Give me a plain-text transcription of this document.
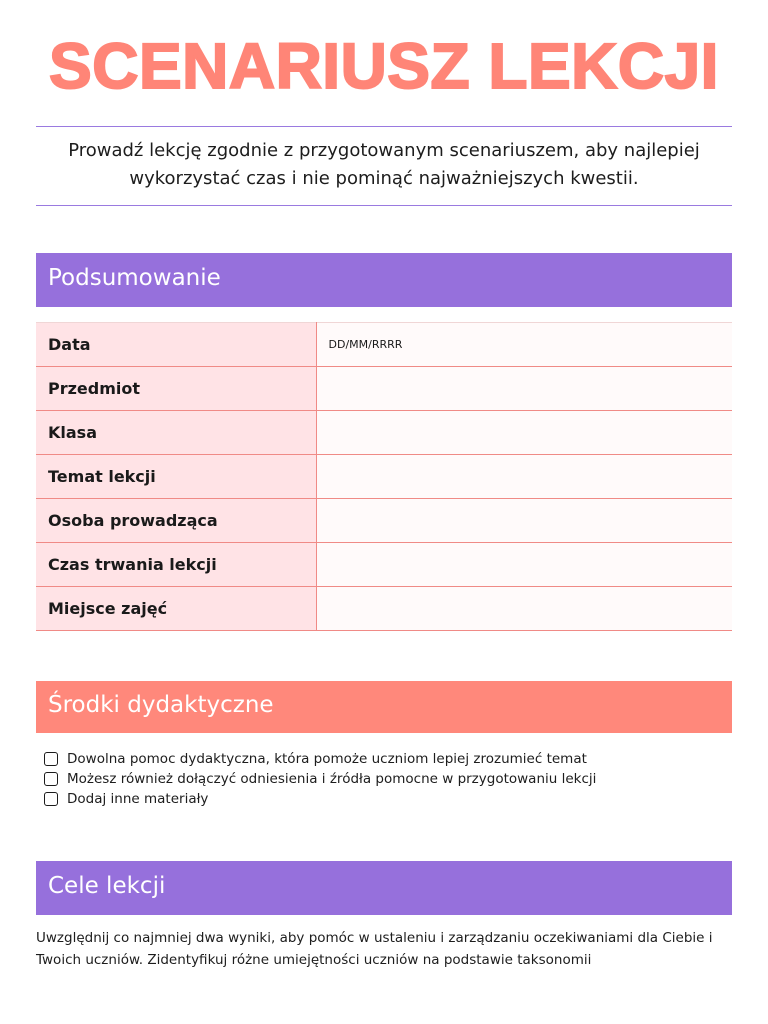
SCENARIUSZ LEKCJI

Prowadź lekcję zgodnie z przygotowanym scenariuszem, aby najlepiej wykorzystać czas i nie pominąć najważniejszych kwestii.

Podsumowanie
Data	DD/MM/RRRR
Przedmiot	
Klasa	
Temat lekcji	
Osoba prowadząca	
Czas trwania lekcji	
Miejsce zajęć	
Środki dydaktyczne
Dowolna pomoc dydaktyczna, która pomoże uczniom lepiej zrozumieć temat
Możesz również dołączyć odniesienia i źródła pomocne w przygotowaniu lekcji
Dodaj inne materiały
Cele lekcji

Uwzględnij co najmniej dwa wyniki, aby pomóc w ustaleniu i zarządzaniu oczekiwaniami dla Ciebie i Twoich uczniów. Zidentyfikuj różne umiejętności uczniów na podstawie taksonomii
